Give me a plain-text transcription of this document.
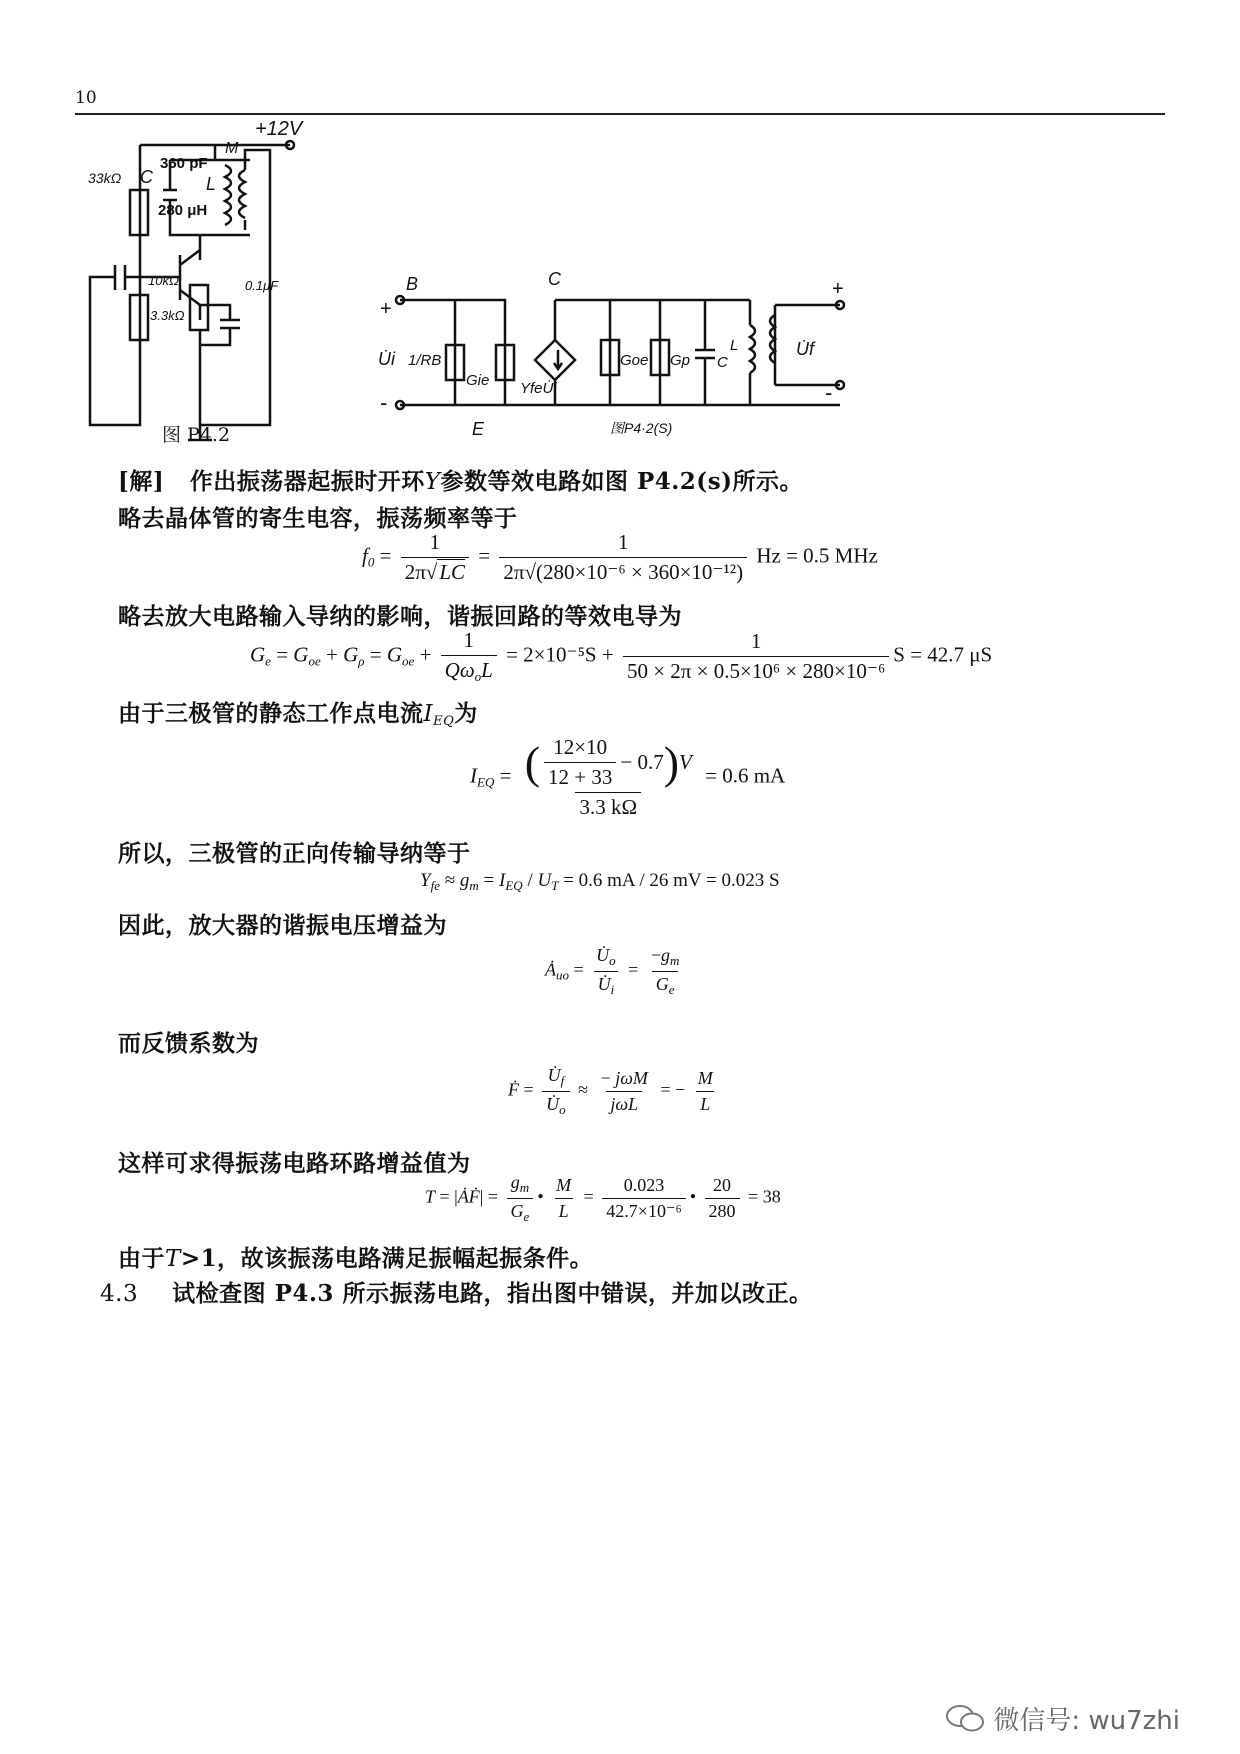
10
+12V
M
C
360 pF
L
280 μH
33kΩ
10kΩ
3.3kΩ
0.1μF
图 P4.2
B	C
E
+
-
U̇i 1/RB
Gie YfeU̇i
Goe Gp C
L
+
U̇f
-
图P4·2(S)
[解] 作出振荡器起振时开环Y参数等效电路如图 P4.2(s)所示。
略去晶体管的寄生电容，振荡频率等于
$f_0 = \frac{1}{2\pi√LC} = \frac{1}{\text{2π√(280×10⁻⁶ × 360×10⁻¹²)}}$ Hz = 0.5 MHz
略去放大电路输入导纳的影响，谐振回路的等效电导为
$G_e = G_{oe} + G_\rho = G_{oe} + \frac{1}{Q\omega_oL} = 2\times 10^{-5}S + \frac{1}{\text{50 × 2π × 0.5×10⁶ × 280×10⁻⁶}}$ S = 42.7 μS
由于三极管的静态工作点电流$I_{EQ}$为
$I_{EQ} = \frac{( \frac{12\times 10}{12 + 33} - 0.7 ) V}{3.3 k\Omega} = 0.6$ mA
所以，三极管的正向传输导纳等于
$Y_{fe} \approx g_m = I_{EQ} / U_T = 0.6$ mA / 26 mV = 0.023 S
因此，放大器的谐振电压增益为
$Ȧ_{uo} = \frac{U̇_o}{U̇_i} = \frac{-g_m}{G_e}$
而反馈系数为
Ḟ = $\frac{U̇_f}{U̇_o} \approx \frac{\text{− jωM}}{\text{jωL}}$ = − $\frac{M}{L}$
这样可求得振荡电路环路增益值为
T = |ȦḞ| = $\frac{g_m}{G_e}$ • $\frac{M}{L} = \frac{0.023}{\text{42.7×10⁻⁶}}$ • $\frac{20}{280} = 38$
由于T>1，故该振荡电路满足振幅起振条件。
4.3 试检查图 P4.3 所示振荡电路，指出图中错误，并加以改正。
微信号: wu7zhi
